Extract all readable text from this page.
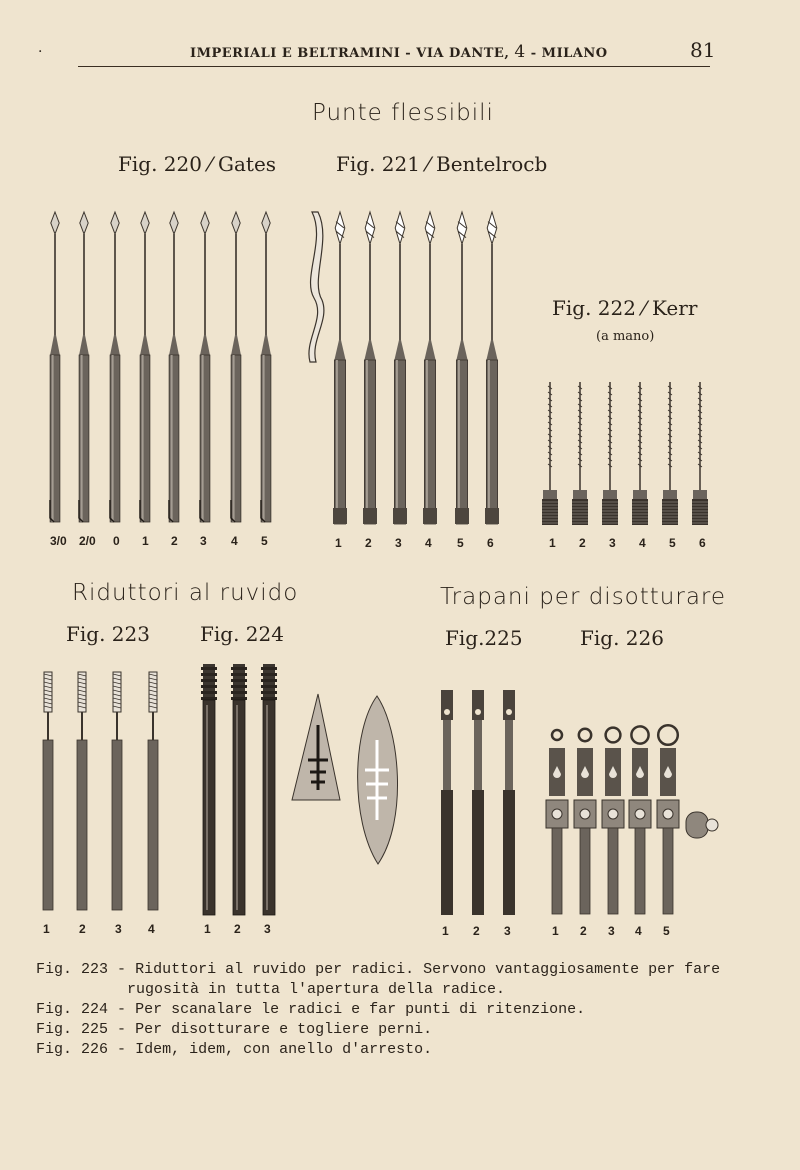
·	IMPERIALI E BELTRAMINI - VIA DANTE, 4 - MILANO	81
Punte flessibili
Fig. 220 ⁄ Gates	Fig. 221 ⁄ Bentelrocb
Fig. 222 ⁄ Kerr
(a mano)
Riduttori al ruvido
Fig. 223	Fig. 224
Trapani per disotturare
Fig.225	Fig. 226
3/0 2/0 0 1 2 3 4 5	1 2 3 4 5 6	1 2 3 4 5 6
1 2 3 4	1 2 3	1 2 3	1 2 3 4 5
Fig. 223 - Riduttori al ruvido per radici. Servono vantaggiosamente per fare
rugosità in tutta l'apertura della radice.
Fig. 224 - Per scanalare le radici e far punti di ritenzione.
Fig. 225 - Per disotturare e togliere perni.
Fig. 226 - Idem, idem, con anello d'arresto.
